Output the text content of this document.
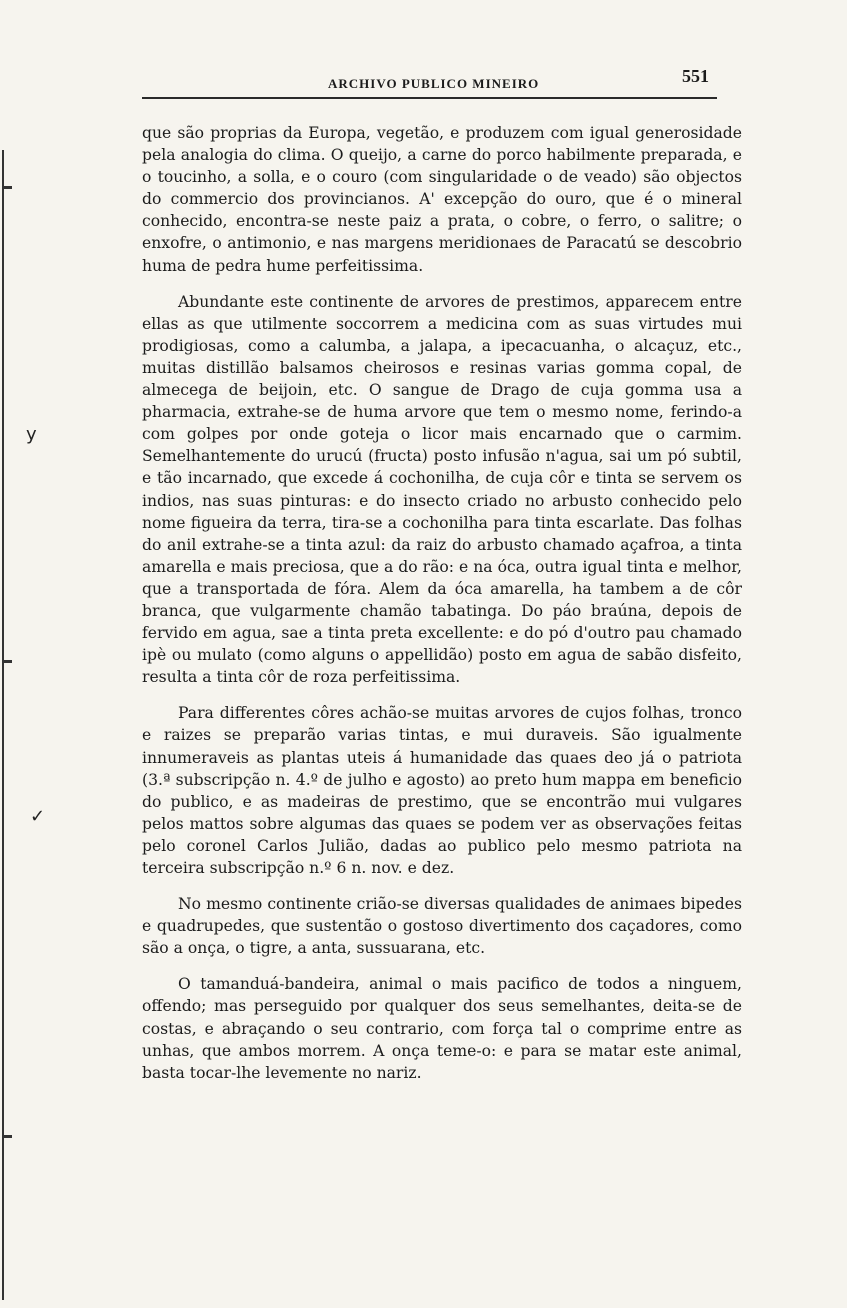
ARCHIVO PUBLICO MINEIRO	551
y
✓

que são proprias da Europa, vegetão, e produzem com igual generosidade pela analogia do clima. O queijo, a carne do porco habilmente preparada, e o toucinho, a solla, e o couro (com singularidade o de veado) são objectos do commercio dos provincianos. A' excepção do ouro, que é o mineral conhecido, encontra-se neste paiz a prata, o cobre, o ferro, o salitre; o enxofre, o antimonio, e nas margens meridionaes de Paracatú se descobrio huma de pedra hume perfeitissima.

Abundante este continente de arvores de prestimos, apparecem entre ellas as que utilmente soccorrem a medicina com as suas virtudes mui prodigiosas, como a calumba, a jalapa, a ipecacuanha, o alcaçuz, etc., muitas distillão balsamos cheirosos e resinas varias gomma copal, de almecega de beijoin, etc. O sangue de Drago de cuja gomma usa a pharmacia, extrahe-se de huma arvore que tem o mesmo nome, ferindo-a com golpes por onde goteja o licor mais encarnado que o carmim. Semelhantemente do urucú (fructa) posto infusão n'agua, sai um pó subtil, e tão incarnado, que excede á cochonilha, de cuja côr e tinta se servem os indios, nas suas pinturas: e do insecto criado no arbusto conhecido pelo nome figueira da terra, tira-se a cochonilha para tinta escarlate. Das folhas do anil extrahe-se a tinta azul: da raiz do arbusto chamado açafroa, a tinta amarella e mais preciosa, que a do rão: e na óca, outra igual tinta e melhor, que a transportada de fóra. Alem da óca amarella, ha tambem a de côr branca, que vulgarmente chamão tabatinga. Do páo braúna, depois de fervido em agua, sae a tinta preta excellente: e do pó d'outro pau chamado ipè ou mulato (como alguns o appellidão) posto em agua de sabão disfeito, resulta a tinta côr de roza perfeitissima.

Para differentes côres achão-se muitas arvores de cujos folhas, tronco e raizes se preparão varias tintas, e mui duraveis. São igualmente innumeraveis as plantas uteis á humanidade das quaes deo já o patriota (3.ª subscripção n. 4.º de julho e agosto) ao preto hum mappa em beneficio do publico, e as madeiras de prestimo, que se encontrão mui vulgares pelos mattos sobre algumas das quaes se podem ver as observações feitas pelo coronel Carlos Julião, dadas ao publico pelo mesmo patriota na terceira subscripção n.º 6 n. nov. e dez.

No mesmo continente crião-se diversas qualidades de animaes bipedes e quadrupedes, que sustentão o gostoso divertimento dos caçadores, como são a onça, o tigre, a anta, sussuarana, etc.

O tamanduá-bandeira, animal o mais pacifico de todos a ninguem, offendo; mas perseguido por qualquer dos seus semelhantes, deita-se de costas, e abraçando o seu contrario, com força tal o comprime entre as unhas, que ambos morrem. A onça teme-o: e para se matar este animal, basta tocar-lhe levemente no nariz.
